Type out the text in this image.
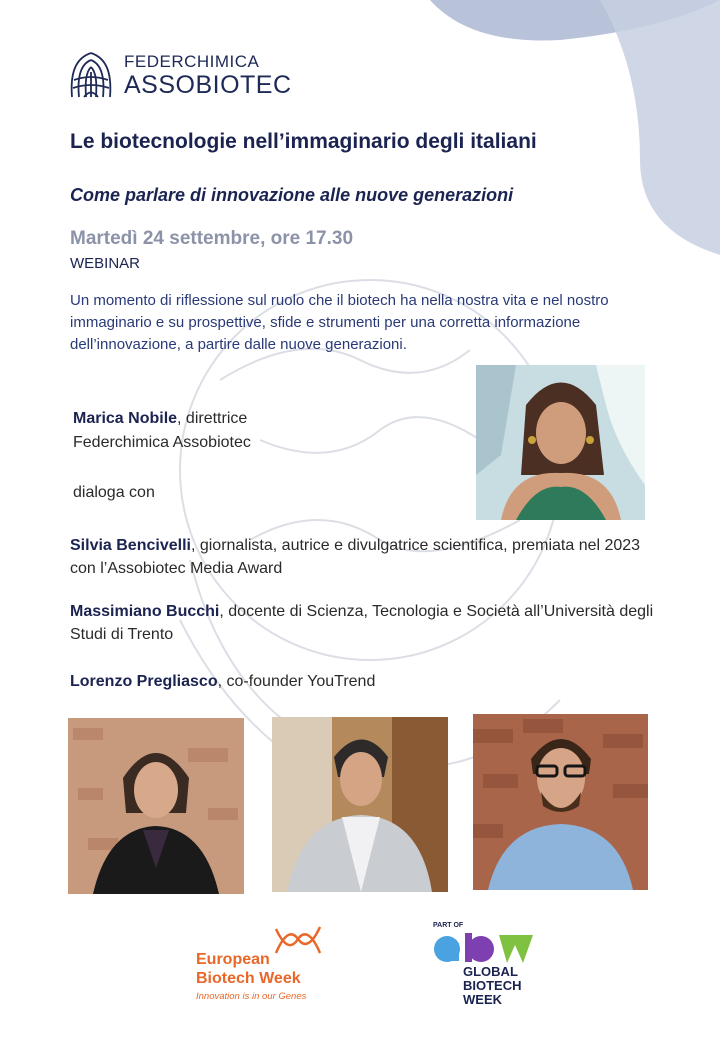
FEDERCHIMICA
ASSOBIOTEC
Le biotecnologie nell’immaginario degli italiani
Come parlare di innovazione alle nuove generazioni
Martedì 24 settembre, ore 17.30
WEBINAR
Un momento di riflessione sul ruolo che il biotech ha nella nostra vita e nel nostro immaginario e su prospettive, sfide e strumenti per una corretta informazione dell’innovazione, a partire dalle nuove generazioni.
Marica Nobile, direttrice
Federchimica Assobiotec
dialoga con
Silvia Bencivelli, giornalista, autrice e divulgatrice scientifica, premiata nel 2023 con l’Assobiotec Media Award
Massimiano Bucchi, docente di Scienza, Tecnologia e Società all’Università degli Studi di Trento
Lorenzo Pregliasco, co-founder YouTrend
European
Biotech Week
Innovation is in our Genes
PART OF
GLOBAL
BIOTECH
WEEK
